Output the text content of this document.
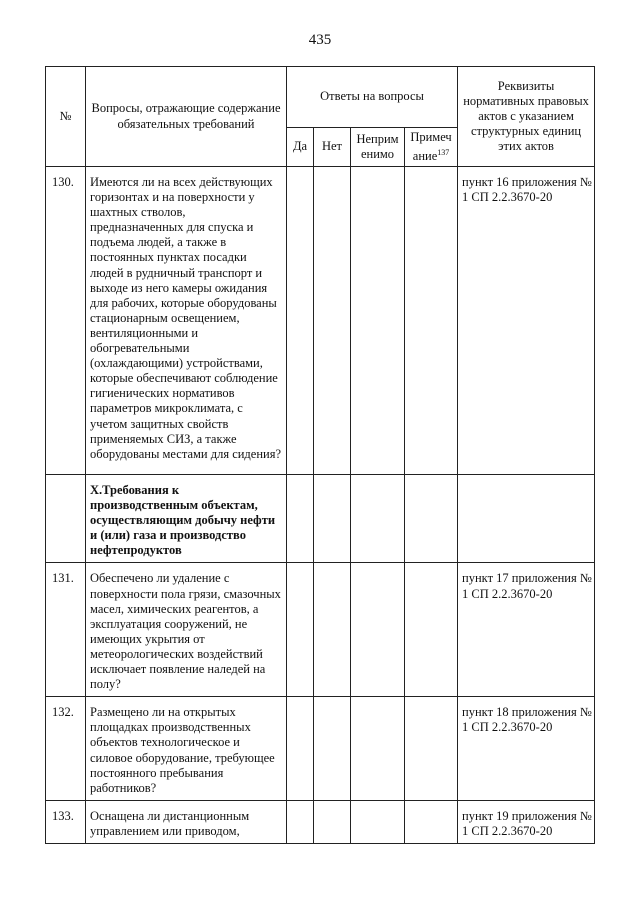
435
№	Вопросы, отражающие содержание обязательных требований	Ответы на вопросы				Реквизиты нормативных правовых актов с указанием структурных единиц этих актов
		Да	Нет	Неприм енимо	Примеч ание$^{137}$
130.	Имеются ли на всех действующих горизонтах и на поверхности у шахтных стволов, предназначенных для спуска и подъема людей, а также в постоянных пунктах посадки людей в рудничный транспорт и выходе из него камеры ожидания для рабочих, которые оборудованы стационарным освещением, вентиляционными и обогревательными (охлаждающими) устройствами, которые обеспечивают соблюдение гигиенических нормативов параметров микроклимата, с учетом защитных свойств применяемых СИЗ, а также оборудованы местами для сидения?					пункт 16 приложения № 1 СП 2.2.3670-20
	X.Требования к производственным объектам, осуществляющим добычу нефти и (или) газа и производство нефтепродуктов					
131.	Обеспечено ли удаление с поверхности пола грязи, смазочных масел, химических реагентов, а эксплуатация сооружений, не имеющих укрытия от метеорологических воздействий исключает появление наледей на полу?					пункт 17 приложения № 1 СП 2.2.3670-20
132.	Размещено ли на открытых площадках производственных объектов технологическое и силовое оборудование, требующее постоянного пребывания работников?					пункт 18 приложения № 1 СП 2.2.3670-20
133.	Оснащена ли дистанционным управлением или приводом,					пункт 19 приложения № 1 СП 2.2.3670-20
